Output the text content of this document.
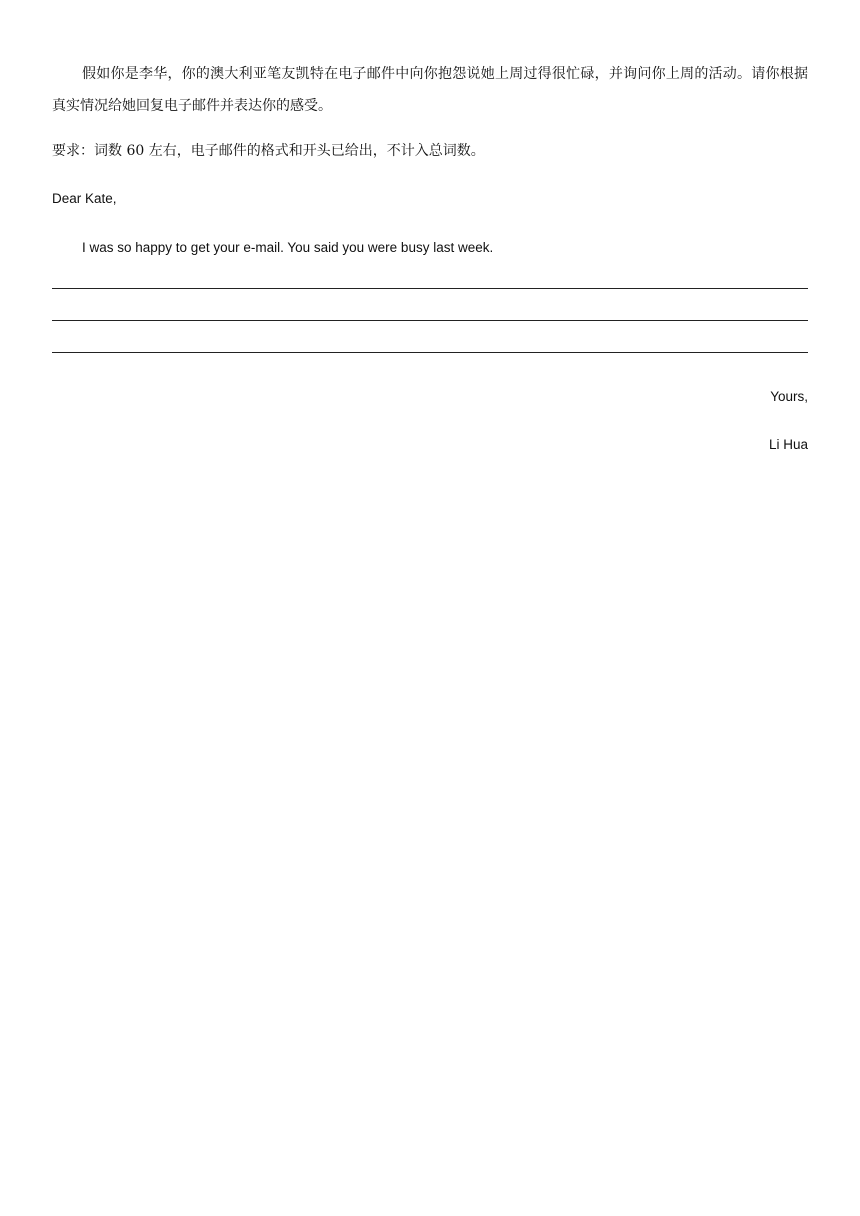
假如你是李华，你的澳大利亚笔友凯特在电子邮件中向你抱怨说她上周过得很忙碌，并询问你上周的活动。请你根据真实情况给她回复电子邮件并表达你的感受。

要求：词数 60 左右，电子邮件的格式和开头已给出，不计入总词数。

Dear Kate,

I was so happy to get your e-mail. You said you were busy last week.

Yours,

Li Hua
